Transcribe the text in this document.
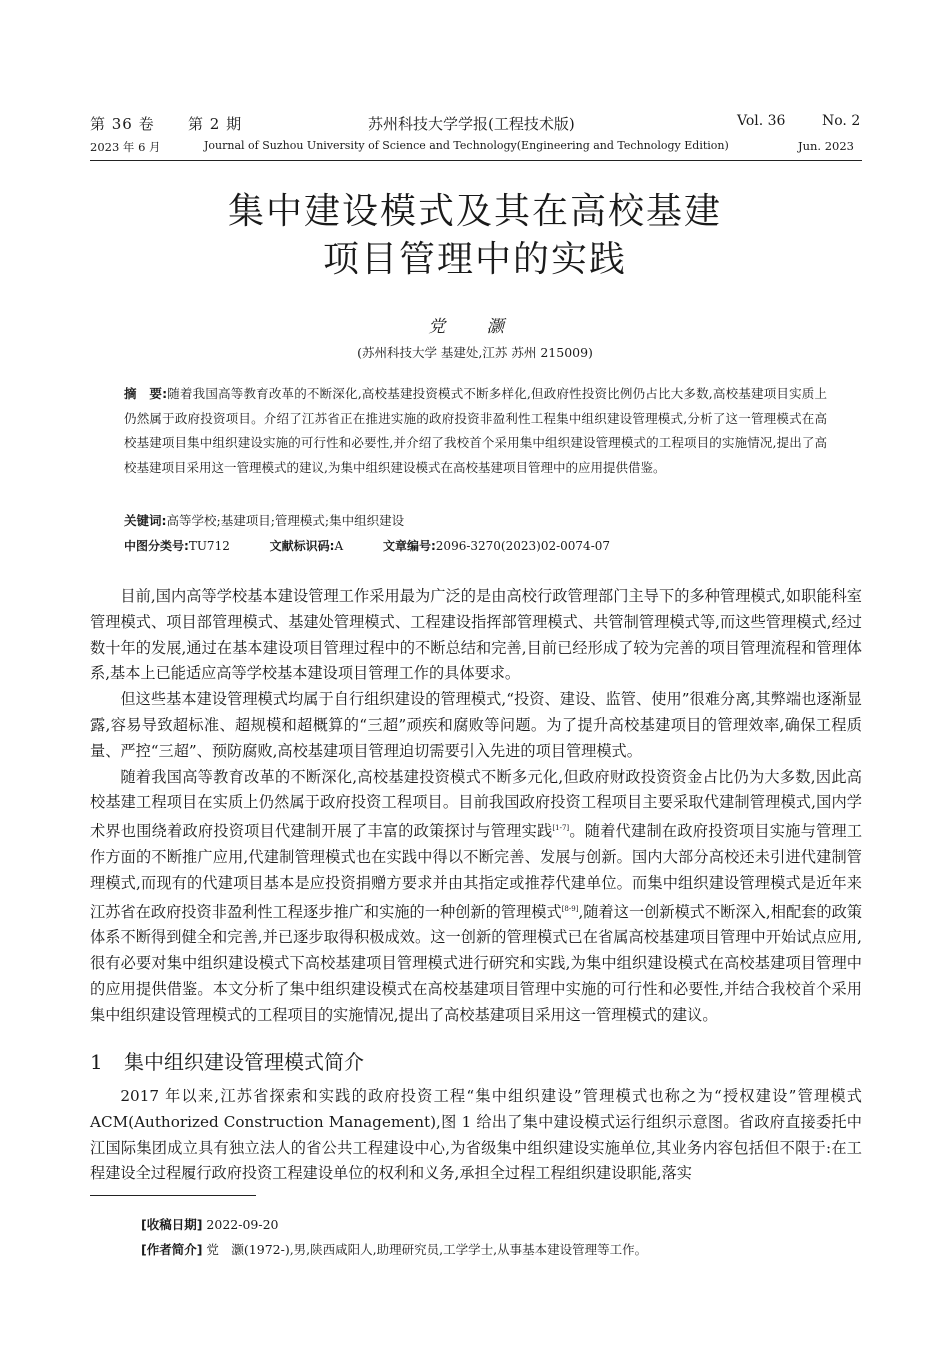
第 36 卷 第 2 期	苏州科技大学学报(工程技术版)	Vol. 36	No. 2
2023 年 6 月	Journal of Suzhou University of Science and Technology(Engineering and Technology Edition)	Jun. 2023
集中建设模式及其在高校基建
项目管理中的实践
党 灏
(苏州科技大学 基建处,江苏 苏州 215009)

摘　要:随着我国高等教育改革的不断深化,高校基建投资模式不断多样化,但政府性投资比例仍占比大多数,高校基建项目实质上仍然属于政府投资项目。介绍了江苏省正在推进实施的政府投资非盈利性工程集中组织建设管理模式,分析了这一管理模式在高校基建项目集中组织建设实施的可行性和必要性,并介绍了我校首个采用集中组织建设管理模式的工程项目的实施情况,提出了高校基建项目采用这一管理模式的建议,为集中组织建设模式在高校基建项目管理中的应用提供借鉴。

关键词:高等学校;基建项目;管理模式;集中组织建设
中图分类号:TU712	文献标识码:A	文章编号:2096-3270(2023)02-0074-07

目前,国内高等学校基本建设管理工作采用最为广泛的是由高校行政管理部门主导下的多种管理模式,如职能科室管理模式、项目部管理模式、基建处管理模式、工程建设指挥部管理模式、共管制管理模式等,而这些管理模式,经过数十年的发展,通过在基本建设项目管理过程中的不断总结和完善,目前已经形成了较为完善的项目管理流程和管理体系,基本上已能适应高等学校基本建设项目管理工作的具体要求。

但这些基本建设管理模式均属于自行组织建设的管理模式,“投资、建设、监管、使用”很难分离,其弊端也逐渐显露,容易导致超标准、超规模和超概算的“三超”顽疾和腐败等问题。为了提升高校基建项目的管理效率,确保工程质量、严控“三超”、预防腐败,高校基建项目管理迫切需要引入先进的项目管理模式。

随着我国高等教育改革的不断深化,高校基建投资模式不断多元化,但政府财政投资资金占比仍为大多数,因此高校基建工程项目在实质上仍然属于政府投资工程项目。目前我国政府投资工程项目主要采取代建制管理模式,国内学术界也围绕着政府投资项目代建制开展了丰富的政策探讨与管理实践[1-7]。随着代建制在政府投资项目实施与管理工作方面的不断推广应用,代建制管理模式也在实践中得以不断完善、发展与创新。国内大部分高校还未引进代建制管理模式,而现有的代建项目基本是应投资捐赠方要求并由其指定或推荐代建单位。而集中组织建设管理模式是近年来江苏省在政府投资非盈利性工程逐步推广和实施的一种创新的管理模式[8-9],随着这一创新模式不断深入,相配套的政策体系不断得到健全和完善,并已逐步取得积极成效。这一创新的管理模式已在省属高校基建项目管理中开始试点应用,很有必要对集中组织建设模式下高校基建项目管理模式进行研究和实践,为集中组织建设模式在高校基建项目管理中的应用提供借鉴。本文分析了集中组织建设模式在高校基建项目管理中实施的可行性和必要性,并结合我校首个采用集中组织建设管理模式的工程项目的实施情况,提出了高校基建项目采用这一管理模式的建议。

1 集中组织建设管理模式简介

2017 年以来,江苏省探索和实践的政府投资工程“集中组织建设”管理模式也称之为“授权建设”管理模式 ACM(Authorized Construction Management),图 1 给出了集中建设模式运行组织示意图。省政府直接委托中江国际集团成立具有独立法人的省公共工程建设中心,为省级集中组织建设实施单位,其业务内容包括但不限于:在工程建设全过程履行政府投资工程建设单位的权利和义务,承担全过程工程组织建设职能,落实

[收稿日期] 2022-09-20
[作者简介] 党　灏(1972-),男,陕西咸阳人,助理研究员,工学学士,从事基本建设管理等工作。
